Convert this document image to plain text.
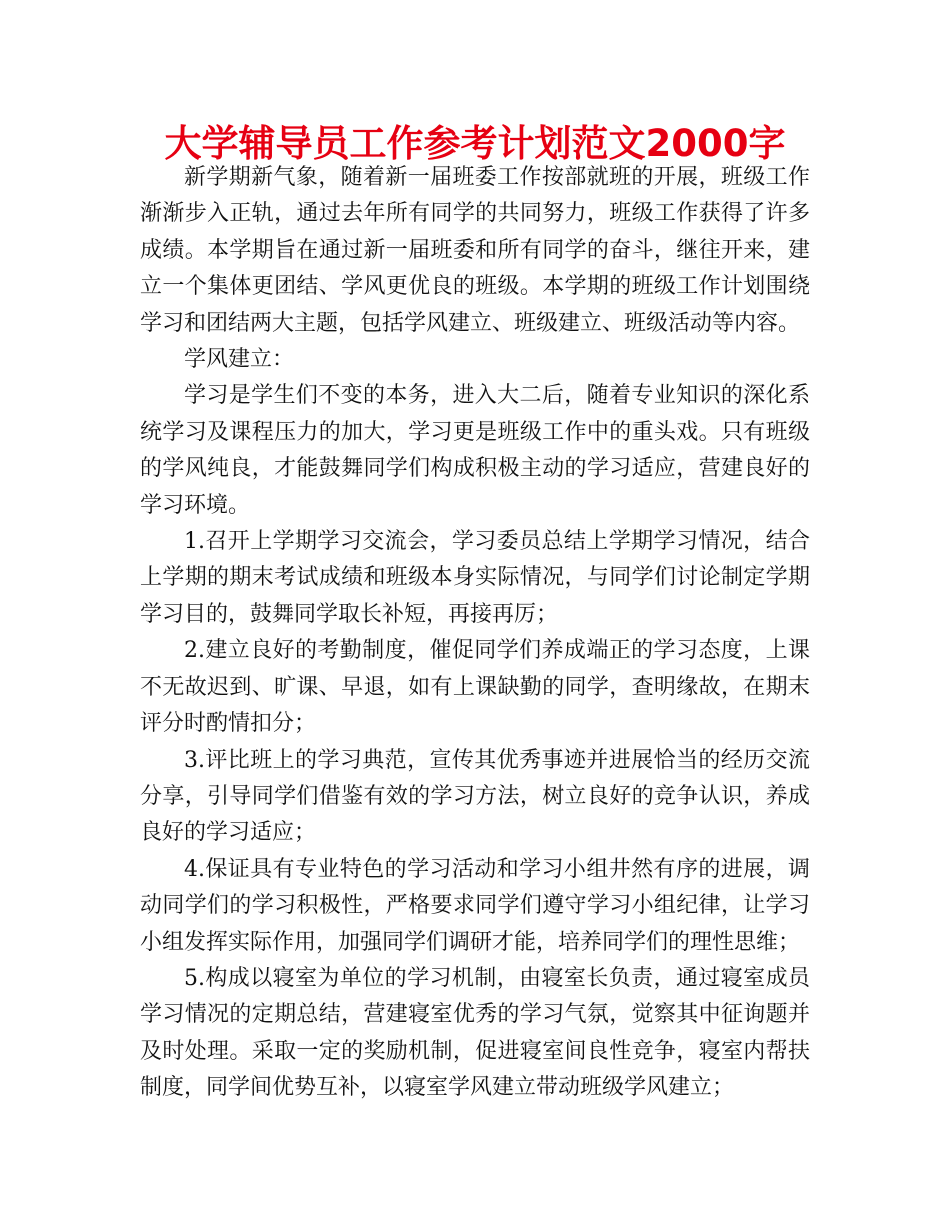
大学辅导员工作参考计划范文2000字

新学期新气象，随着新一届班委工作按部就班的开展，班级工作渐渐步入正轨，通过去年所有同学的共同努力，班级工作获得了许多成绩。本学期旨在通过新一届班委和所有同学的奋斗，继往开来，建立一个集体更团结、学风更优良的班级。本学期的班级工作计划围绕学习和团结两大主题，包括学风建立、班级建立、班级活动等内容。

学风建立：

学习是学生们不变的本务，进入大二后，随着专业知识的深化系统学习及课程压力的加大，学习更是班级工作中的重头戏。只有班级的学风纯良，才能鼓舞同学们构成积极主动的学习适应，营建良好的学习环境。

1.召开上学期学习交流会，学习委员总结上学期学习情况，结合上学期的期末考试成绩和班级本身实际情况，与同学们讨论制定学期学习目的，鼓舞同学取长补短，再接再厉；

2.建立良好的考勤制度，催促同学们养成端正的学习态度，上课不无故迟到、旷课、早退，如有上课缺勤的同学，查明缘故，在期末评分时酌情扣分；

3.评比班上的学习典范，宣传其优秀事迹并进展恰当的经历交流分享，引导同学们借鉴有效的学习方法，树立良好的竞争认识，养成良好的学习适应；

4.保证具有专业特色的学习活动和学习小组井然有序的进展，调动同学们的学习积极性，严格要求同学们遵守学习小组纪律，让学习小组发挥实际作用，加强同学们调研才能，培养同学们的理性思维；

5.构成以寝室为单位的学习机制，由寝室长负责，通过寝室成员学习情况的定期总结，营建寝室优秀的学习气氛，觉察其中征询题并及时处理。采取一定的奖励机制，促进寝室间良性竞争，寝室内帮扶制度，同学间优势互补，以寝室学风建立带动班级学风建立；
